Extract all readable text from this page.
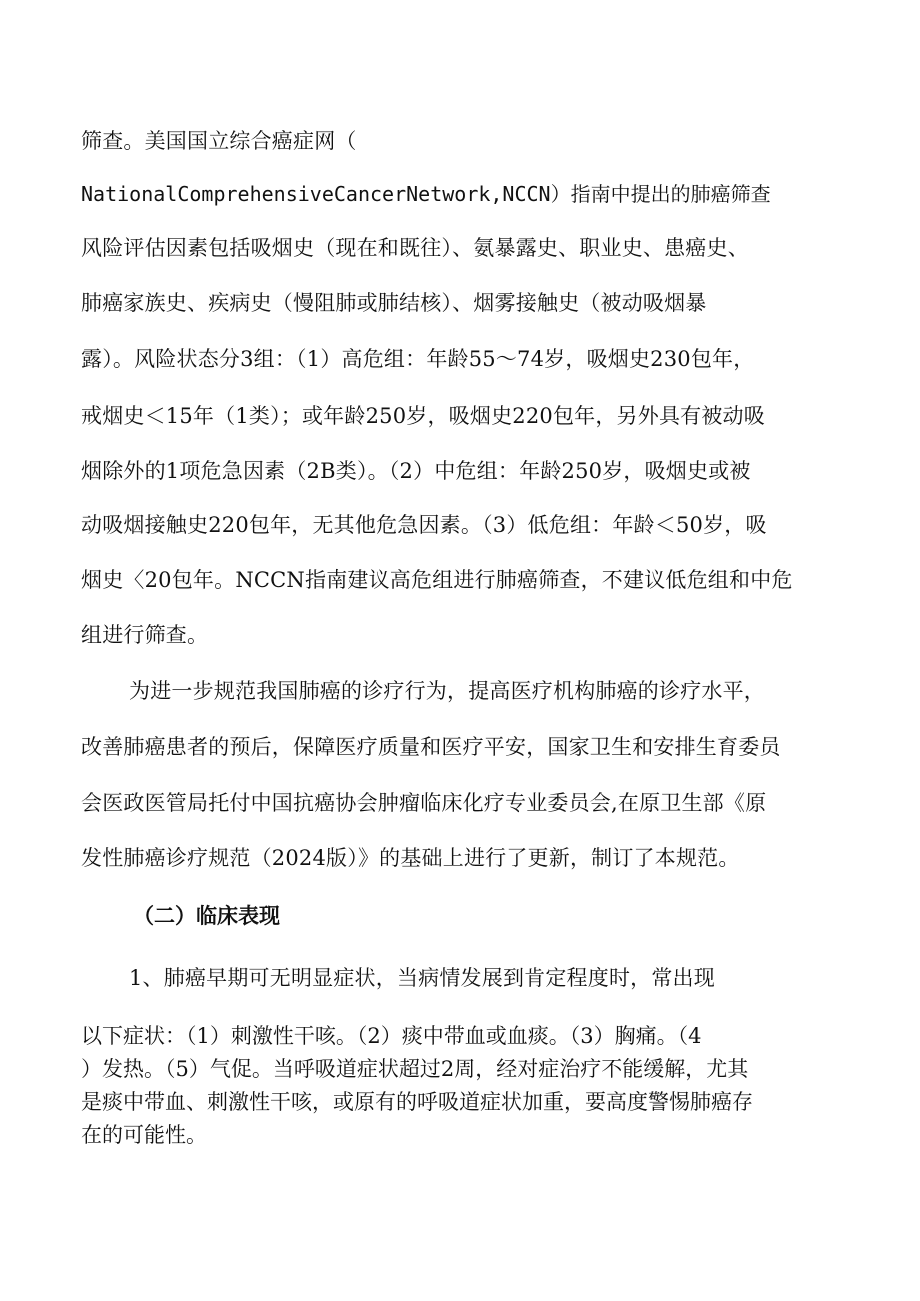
筛查。美国国立综合癌症网（
NationalComprehensiveCancerNetwork,NCCN）指南中提出的肺癌筛查
风险评估因素包括吸烟史（现在和既往）、氨暴露史、职业史、患癌史、
肺癌家族史、疾病史（慢阻肺或肺结核）、烟雾接触史（被动吸烟暴
露）。风险状态分3组：（1）高危组：年龄55～74岁，吸烟史230包年，
戒烟史＜15年（1类）；或年龄250岁，吸烟史220包年，另外具有被动吸
烟除外的1项危急因素（2B类）。（2）中危组：年龄250岁，吸烟史或被
动吸烟接触史220包年，无其他危急因素。（3）低危组：年龄＜50岁，吸
烟史〈20包年。NCCN指南建议高危组进行肺癌筛查，不建议低危组和中危
组进行筛查。
为进一步规范我国肺癌的诊疗行为，提高医疗机构肺癌的诊疗水平，
改善肺癌患者的预后，保障医疗质量和医疗平安，国家卫生和安排生育委员
会医政医管局托付中国抗癌协会肿瘤临床化疗专业委员会,在原卫生部《原
发性肺癌诊疗规范（2024版）》的基础上进行了更新，制订了本规范。
（二）临床表现
1、肺癌早期可无明显症状，当病情发展到肯定程度时，常出现
以下症状：（1）刺激性干咳。（2）痰中带血或血痰。（3）胸痛。（4
）发热。（5）气促。当呼吸道症状超过2周，经对症治疗不能缓解，尤其
是痰中带血、刺激性干咳，或原有的呼吸道症状加重，要高度警惕肺癌存
在的可能性。
